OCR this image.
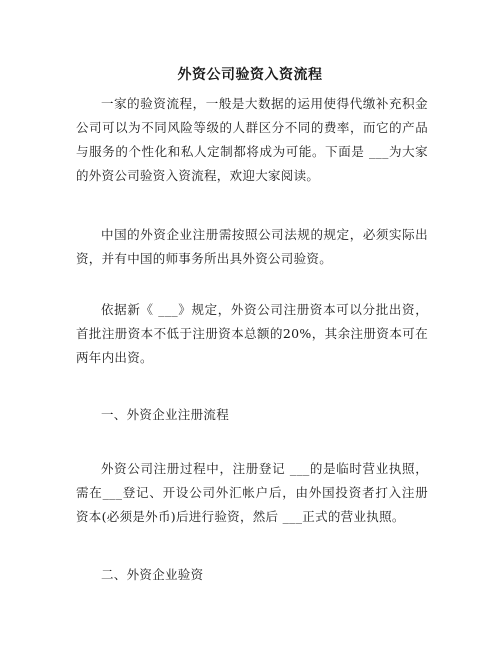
外资公司验资入资流程

一家的验资流程，一般是大数据的运用使得代缴补充积金公司可以为不同风险等级的人群区分不同的费率，而它的产品与服务的个性化和私人定制都将成为可能。下面是 ___为大家的外资公司验资入资流程，欢迎大家阅读。

中国的外资企业注册需按照公司法规的规定，必须实际出资，并有中国的师事务所出具外资公司验资。

依据新《 ___》规定，外资公司注册资本可以分批出资，首批注册资本不低于注册资本总额的20%，其余注册资本可在两年内出资。

一、外资企业注册流程

外资公司注册过程中，注册登记 ___的是临时营业执照，需在___登记、开设公司外汇帐户后，由外国投资者打入注册资本(必须是外币)后进行验资，然后 ___正式的营业执照。

二、外资企业验资
